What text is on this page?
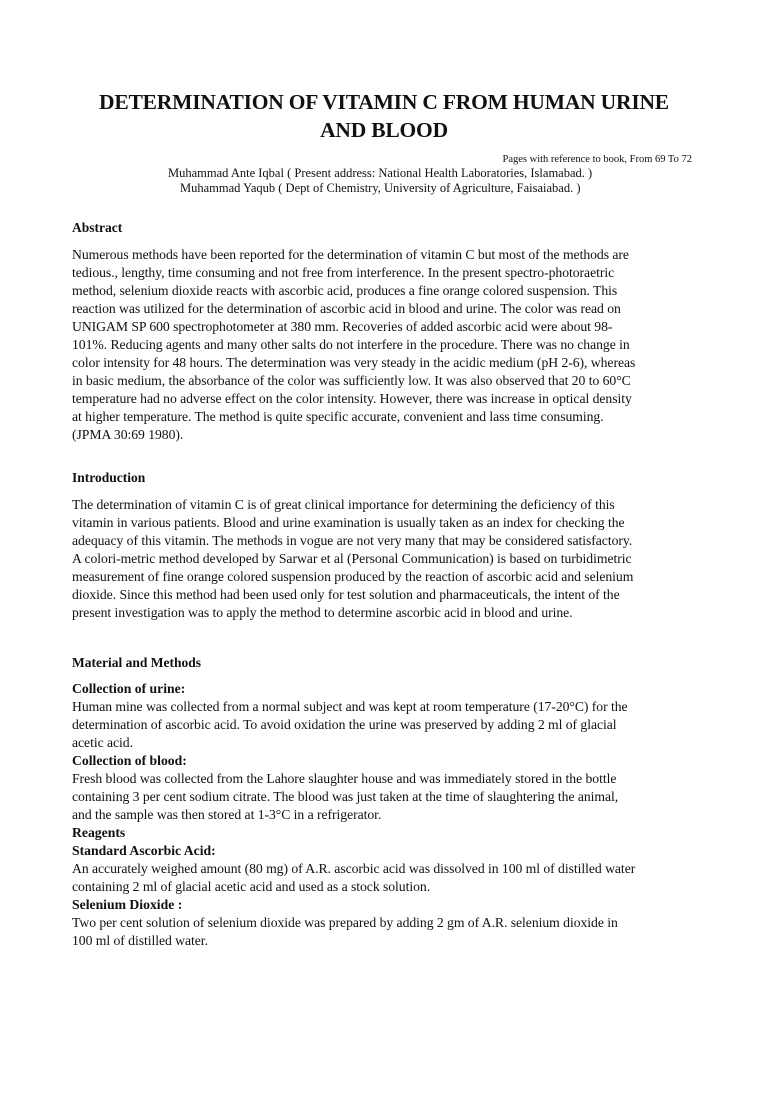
DETERMINATION OF VITAMIN C FROM HUMAN URINE
AND BLOOD
Pages with reference to book, From 69 To 72
Muhammad Ante Iqbal ( Present address: National Health Laboratories, Islamabad. )
Muhammad Yaqub ( Dept of Chemistry, University of Agriculture, Faisaiabad. )
Abstract

Numerous methods have been reported for the determination of vitamin C but most of the methods are

tedious., lengthy, time consuming and not free from interference. In the present spectro-photoraetric

method, selenium dioxide reacts with ascorbic acid, produces a fine orange colored suspension. This

reaction was utilized for the determination of ascorbic acid in blood and urine. The color was read on

UNIGAM SP 600 spectrophotometer at 380 mm. Recoveries of added ascorbic acid were about 98-

101%. Reducing agents and many other salts do not interfere in the procedure. There was no change in

color intensity for 48 hours. The determination was very steady in the acidic medium (pH 2-6), whereas

in basic medium, the absorbance of the color was sufficiently low. It was also observed that 20 to 60°C

temperature had no adverse effect on the color intensity. However, there was increase in optical density

at higher temperature. The method is quite specific accurate, convenient and lass time consuming.

(JPMA 30:69 1980).

Introduction

The determination of vitamin C is of great clinical importance for determining the deficiency of this

vitamin in various patients. Blood and urine examination is usually taken as an index for checking the

adequacy of this vitamin. The methods in vogue are not very many that may be considered satisfactory.

A colori-metric method developed by Sarwar et al (Personal Communication) is based on turbidimetric

measurement of fine orange colored suspension produced by the reaction of ascorbic acid and selenium

dioxide. Since this method had been used only for test solution and pharmaceuticals, the intent of the

present investigation was to apply the method to determine ascorbic acid in blood and urine.

Material and Methods
Collection of urine:

Human mine was collected from a normal subject and was kept at room temperature (17-20°C) for the

determination of ascorbic acid. To avoid oxidation the urine was preserved by adding 2 ml of glacial

acetic acid.

Collection of blood:

Fresh blood was collected from the Lahore slaughter house and was immediately stored in the bottle

containing 3 per cent sodium citrate. The blood was just taken at the time of slaughtering the animal,

and the sample was then stored at 1-3°C in a refrigerator.

Reagents
Standard Ascorbic Acid:

An accurately weighed amount (80 mg) of A.R. ascorbic acid was dissolved in 100 ml of distilled water

containing 2 ml of glacial acetic acid and used as a stock solution.

Selenium Dioxide :

Two per cent solution of selenium dioxide was prepared by adding 2 gm of A.R. selenium dioxide in

100 ml of distilled water.
